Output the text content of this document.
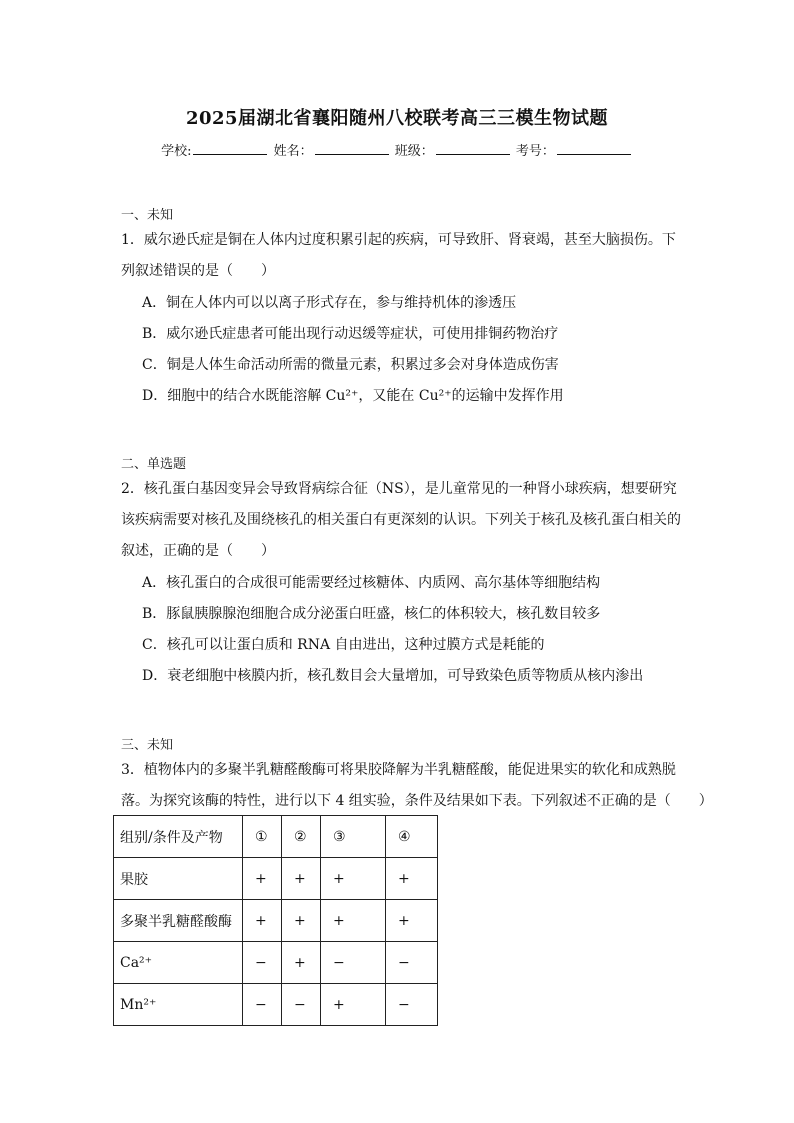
2025届湖北省襄阳随州八校联考高三三模生物试题
学校:	姓名：	班级：	考号：
一、未知
1．威尔逊氏症是铜在人体内过度积累引起的疾病，可导致肝、肾衰竭，甚至大脑损伤。下
列叙述错误的是（　　）
A．铜在人体内可以以离子形式存在，参与维持机体的渗透压
B．威尔逊氏症患者可能出现行动迟缓等症状，可使用排铜药物治疗
C．铜是人体生命活动所需的微量元素，积累过多会对身体造成伤害
D．细胞中的结合水既能溶解 Cu²⁺，又能在 Cu²⁺的运输中发挥作用
二、单选题
2．核孔蛋白基因变异会导致肾病综合征（NS），是儿童常见的一种肾小球疾病，想要研究
该疾病需要对核孔及围绕核孔的相关蛋白有更深刻的认识。下列关于核孔及核孔蛋白相关的
叙述，正确的是（　　）
A．核孔蛋白的合成很可能需要经过核糖体、内质网、高尔基体等细胞结构
B．豚鼠胰腺腺泡细胞合成分泌蛋白旺盛，核仁的体积较大，核孔数目较多
C．核孔可以让蛋白质和 RNA 自由进出，这种过膜方式是耗能的
D．衰老细胞中核膜内折，核孔数目会大量增加，可导致染色质等物质从核内渗出
三、未知
3．植物体内的多聚半乳糖醛酸酶可将果胶降解为半乳糖醛酸，能促进果实的软化和成熟脱
落。为探究该酶的特性，进行以下 4 组实验，条件及结果如下表。下列叙述不正确的是（　　）
组别/条件及产物	①	②	③	④
果胶	+	+	+	+
多聚半乳糖醛酸酶	+	+	+	+
Ca²⁺	−	+	−	−
Mn²⁺	−	−	+	−
